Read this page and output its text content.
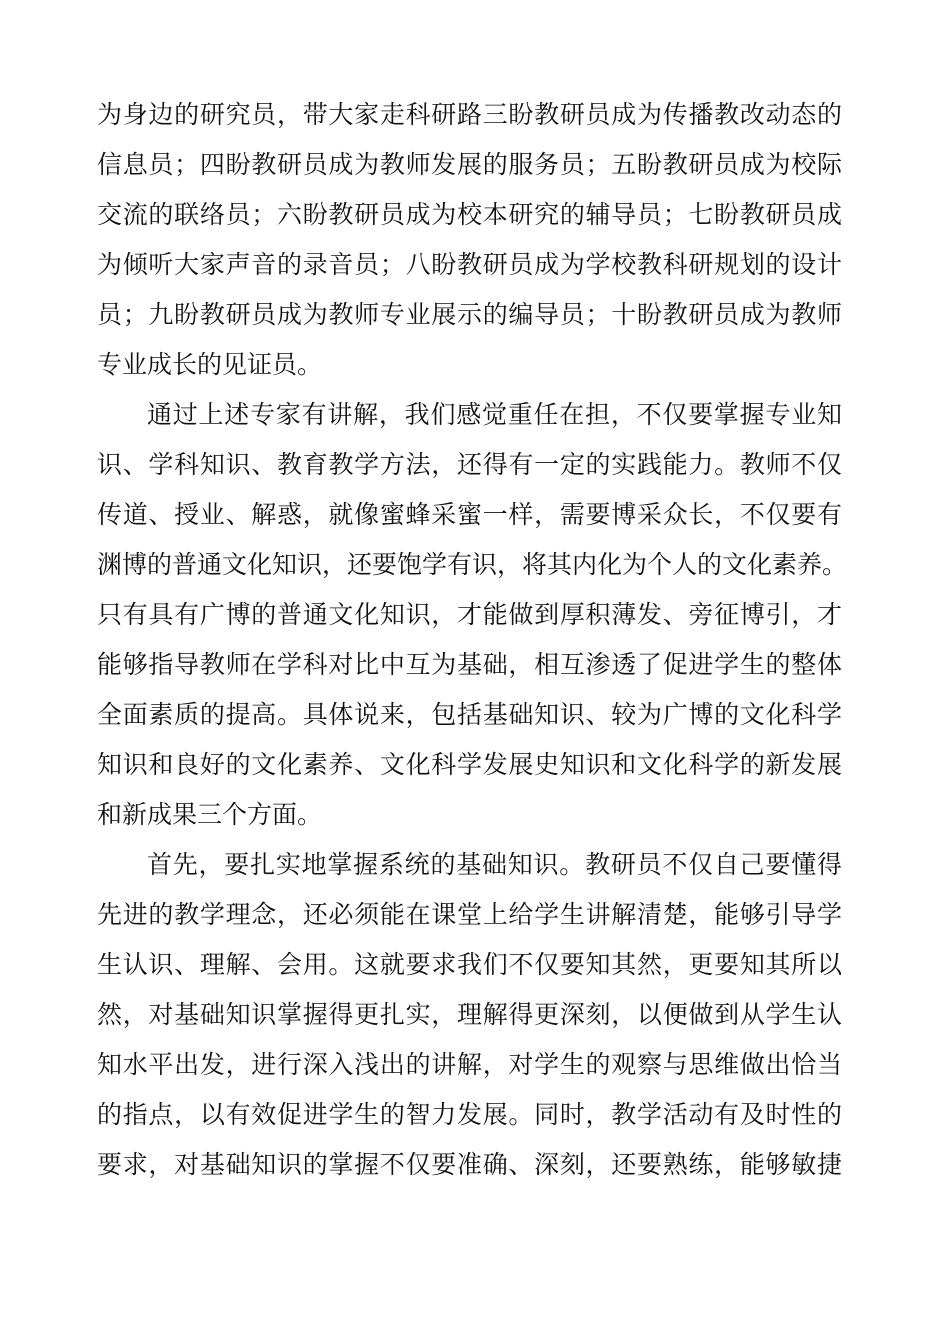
为身边的研究员，带大家走科研路三盼教研员成为传播教改动态的
信息员；四盼教研员成为教师发展的服务员；五盼教研员成为校际
交流的联络员；六盼教研员成为校本研究的辅导员；七盼教研员成
为倾听大家声音的录音员；八盼教研员成为学校教科研规划的设计
员；九盼教研员成为教师专业展示的编导员；十盼教研员成为教师
专业成长的见证员。
通过上述专家有讲解，我们感觉重任在担，不仅要掌握专业知
识、学科知识、教育教学方法，还得有一定的实践能力。教师不仅
传道、授业、解惑，就像蜜蜂采蜜一样，需要博采众长，不仅要有
渊博的普通文化知识，还要饱学有识，将其内化为个人的文化素养。
只有具有广博的普通文化知识，才能做到厚积薄发、旁征博引，才
能够指导教师在学科对比中互为基础，相互渗透了促进学生的整体
全面素质的提高。具体说来，包括基础知识、较为广博的文化科学
知识和良好的文化素养、文化科学发展史知识和文化科学的新发展
和新成果三个方面。
首先，要扎实地掌握系统的基础知识。教研员不仅自己要懂得
先进的教学理念，还必须能在课堂上给学生讲解清楚，能够引导学
生认识、理解、会用。这就要求我们不仅要知其然，更要知其所以
然，对基础知识掌握得更扎实，理解得更深刻，以便做到从学生认
知水平出发，进行深入浅出的讲解，对学生的观察与思维做出恰当
的指点，以有效促进学生的智力发展。同时，教学活动有及时性的
要求，对基础知识的掌握不仅要准确、深刻，还要熟练，能够敏捷
